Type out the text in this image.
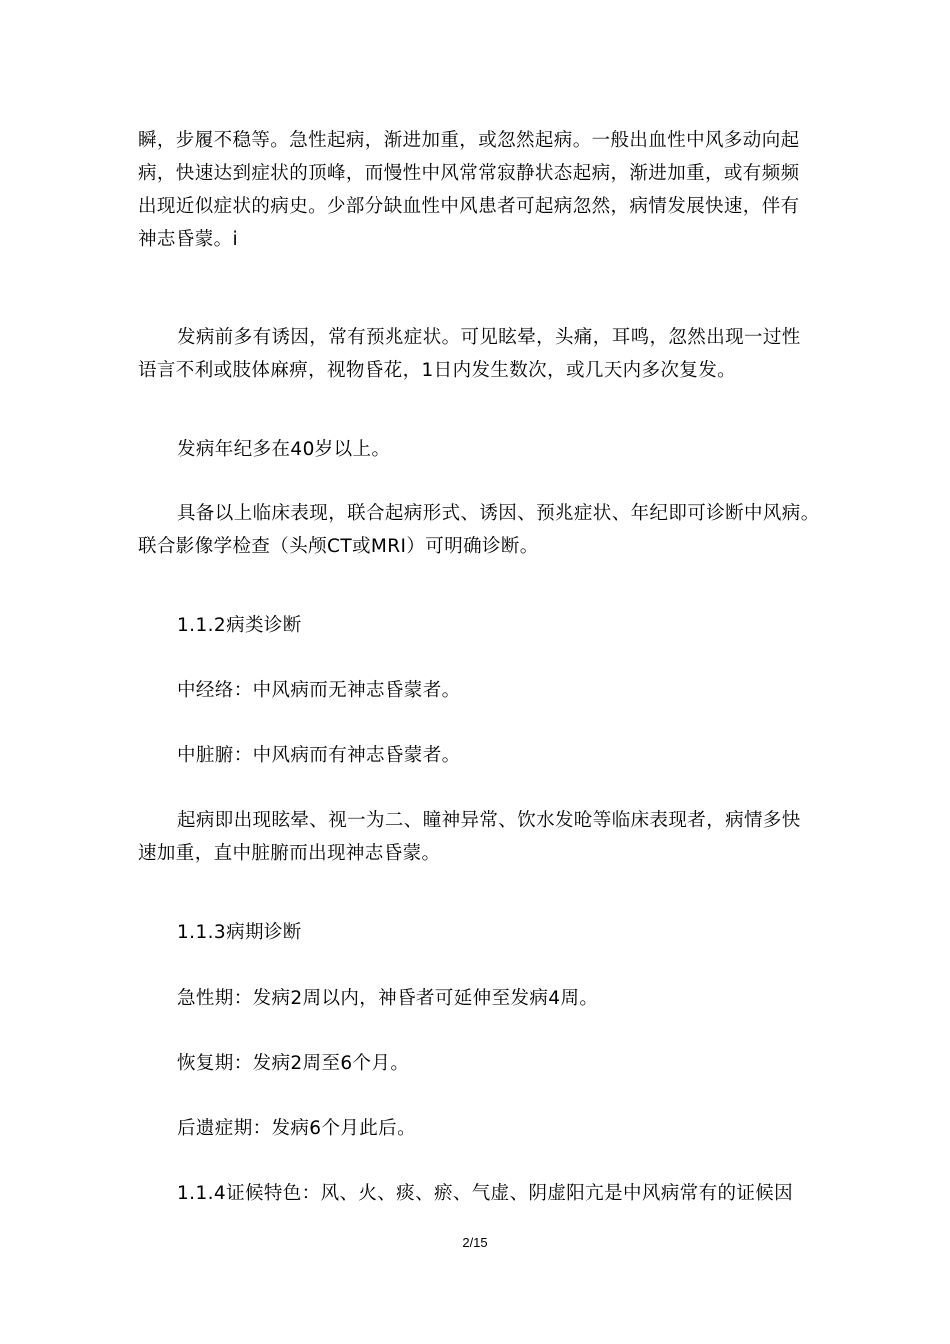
瞬，步履不稳等。急性起病，渐进加重，或忽然起病。一般出血性中风多动向起
病，快速达到症状的顶峰，而慢性中风常常寂静状态起病，渐进加重，或有频频
出现近似症状的病史。少部分缺血性中风患者可起病忽然，病情发展快速，伴有
神志昏蒙。i
发病前多有诱因，常有预兆症状。可见眩晕，头痛，耳鸣，忽然出现一过性
语言不利或肢体麻痹，视物昏花，1日内发生数次，或几天内多次复发。
发病年纪多在40岁以上。
具备以上临床表现，联合起病形式、诱因、预兆症状、年纪即可诊断中风病。
联合影像学检查（头颅CT或MRI）可明确诊断。
1.1.2病类诊断
中经络：中风病而无神志昏蒙者。
中脏腑：中风病而有神志昏蒙者。
起病即出现眩晕、视一为二、瞳神异常、饮水发呛等临床表现者，病情多快
速加重，直中脏腑而出现神志昏蒙。
1.1.3病期诊断
急性期：发病2周以内，神昏者可延伸至发病4周。
恢复期：发病2周至6个月。
后遗症期：发病6个月此后。
1.1.4证候特色：风、火、痰、瘀、气虚、阴虚阳亢是中风病常有的证候因
2/15
